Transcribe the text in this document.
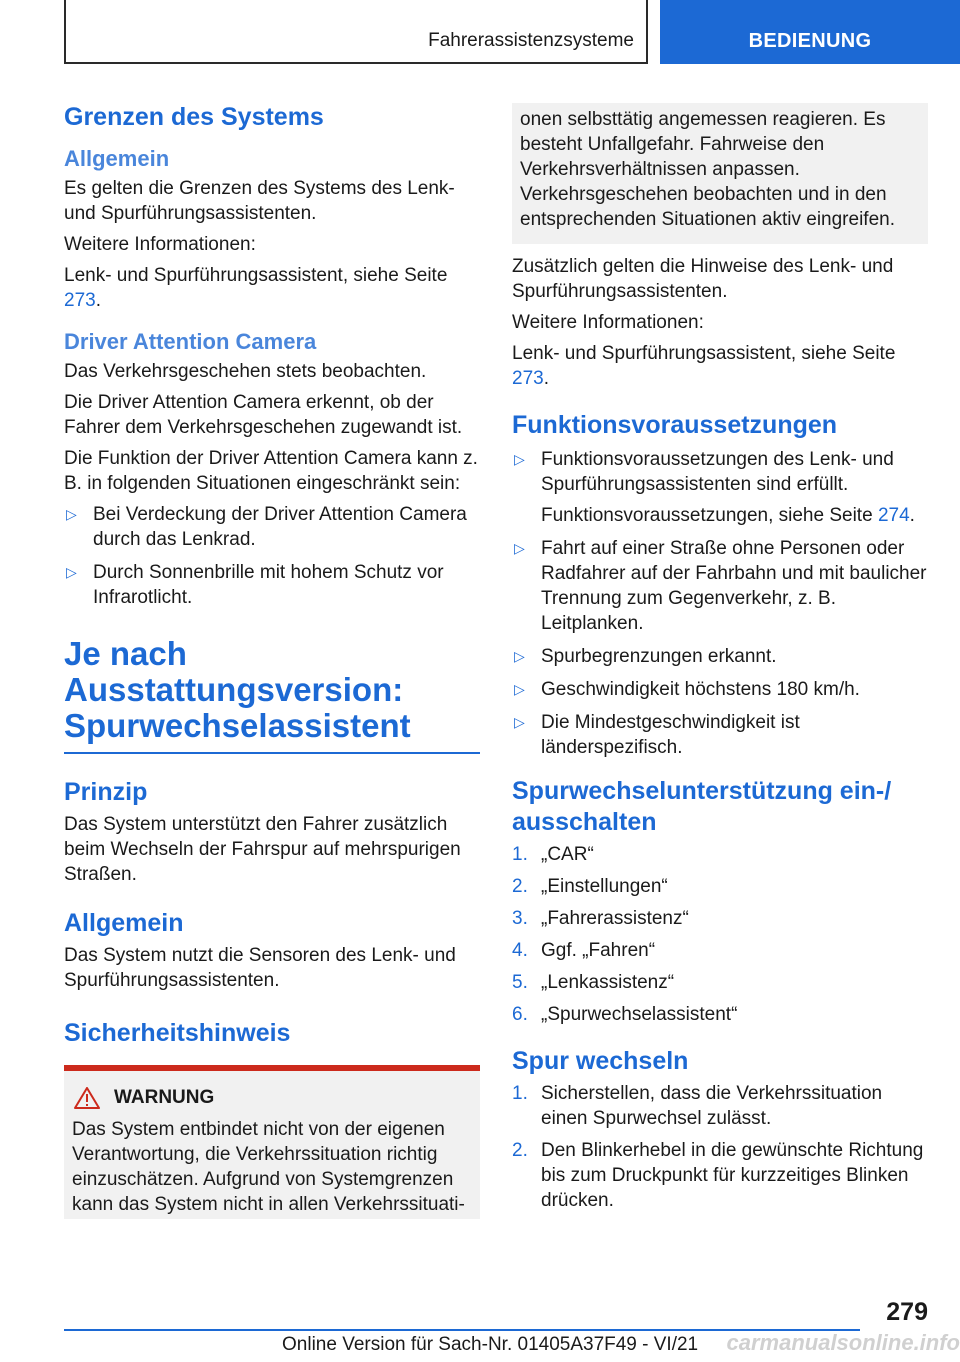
Fahrerassistenzsysteme	BEDIENUNG
Grenzen des Systems
Allgemein

Es gelten die Grenzen des Systems des Lenk- und Spurführungsassistenten.

Weitere Informationen:

Lenk- und Spurführungsassistent, siehe Seite 273.

Driver Attention Camera

Das Verkehrsgeschehen stets beobachten.

Die Driver Attention Camera erkennt, ob der Fahrer dem Verkehrsgeschehen zugewandt ist.

Die Funktion der Driver Attention Camera kann z. B. in folgenden Situationen eingeschränkt sein:

▷ Bei Verdeckung der Driver Attention Camera durch das Lenkrad.
▷ Durch Sonnenbrille mit hohem Schutz vor Infrarotlicht.
Je nach Ausstattungsversion: Spurwechselassistent
Prinzip

Das System unterstützt den Fahrer zusätzlich beim Wechseln der Fahrspur auf mehrspurigen Straßen.

Allgemein

Das System nutzt die Sensoren des Lenk- und Spurführungsassistenten.

Sicherheitshinweis
WARNUNG

Das System entbindet nicht von der eigenen Verantwortung, die Verkehrssituation richtig einzuschätzen. Aufgrund von Systemgrenzen kann das System nicht in allen Verkehrssituati-

onen selbsttätig angemessen reagieren. Es besteht Unfallgefahr. Fahrweise den Verkehrsverhältnissen anpassen. Verkehrsgeschehen beobachten und in den entsprechenden Situationen aktiv eingreifen.

Zusätzlich gelten die Hinweise des Lenk- und Spurführungsassistenten.

Weitere Informationen:

Lenk- und Spurführungsassistent, siehe Seite 273.

Funktionsvoraussetzungen
▷ Funktionsvoraussetzungen des Lenk- und Spurführungsassistenten sind erfüllt.
Funktionsvoraussetzungen, siehe Seite 274.
▷ Fahrt auf einer Straße ohne Personen oder Radfahrer auf der Fahrbahn und mit baulicher Trennung zum Gegenverkehr, z. B. Leitplanken.
▷ Spurbegrenzungen erkannt.
▷ Geschwindigkeit höchstens 180 km/h.
▷ Die Mindestgeschwindigkeit ist länderspezifisch.
Spurwechselunterstützung ein-/ ausschalten
1. „CAR“
2. „Einstellungen“
3. „Fahrerassistenz“
4. Ggf. „Fahren“
5. „Lenkassistenz“
6. „Spurwechselassistent“
Spur wechseln
1. Sicherstellen, dass die Verkehrssituation einen Spurwechsel zulässt.
2. Den Blinkerhebel in die gewünschte Richtung bis zum Druckpunkt für kurzzeitiges Blinken drücken.
279
Online Version für Sach-Nr. 01405A37F49 - VI/21 carmanualsonline.info
